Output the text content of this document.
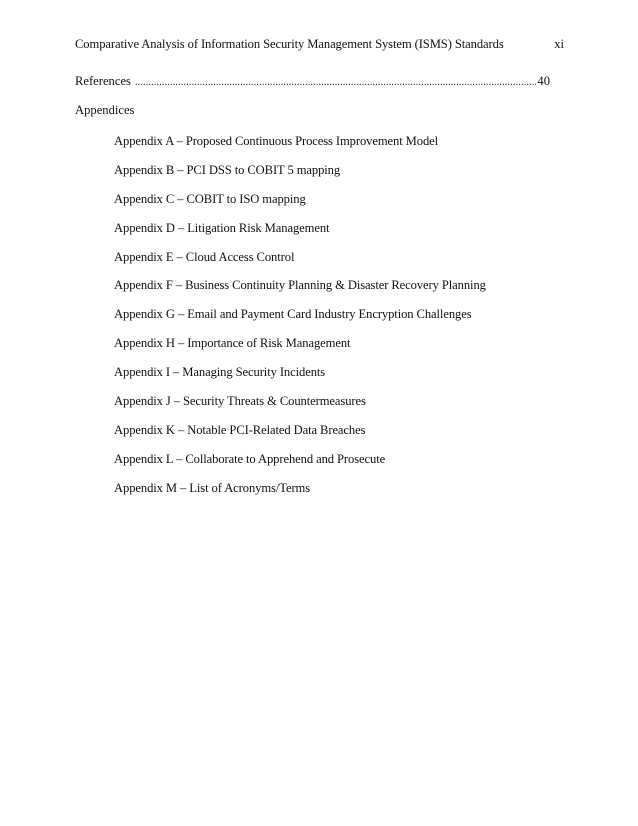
Comparative Analysis of Information Security Management System (ISMS) Standards	xi
References
.....	40
Appendices
Appendix A – Proposed Continuous Process Improvement Model
Appendix B – PCI DSS to COBIT 5 mapping
Appendix C – COBIT to ISO mapping
Appendix D – Litigation Risk Management
Appendix E – Cloud Access Control
Appendix F – Business Continuity Planning & Disaster Recovery Planning
Appendix G – Email and Payment Card Industry Encryption Challenges
Appendix H – Importance of Risk Management
Appendix I – Managing Security Incidents
Appendix J – Security Threats & Countermeasures
Appendix K – Notable PCI-Related Data Breaches
Appendix L – Collaborate to Apprehend and Prosecute
Appendix M – List of Acronyms/Terms
